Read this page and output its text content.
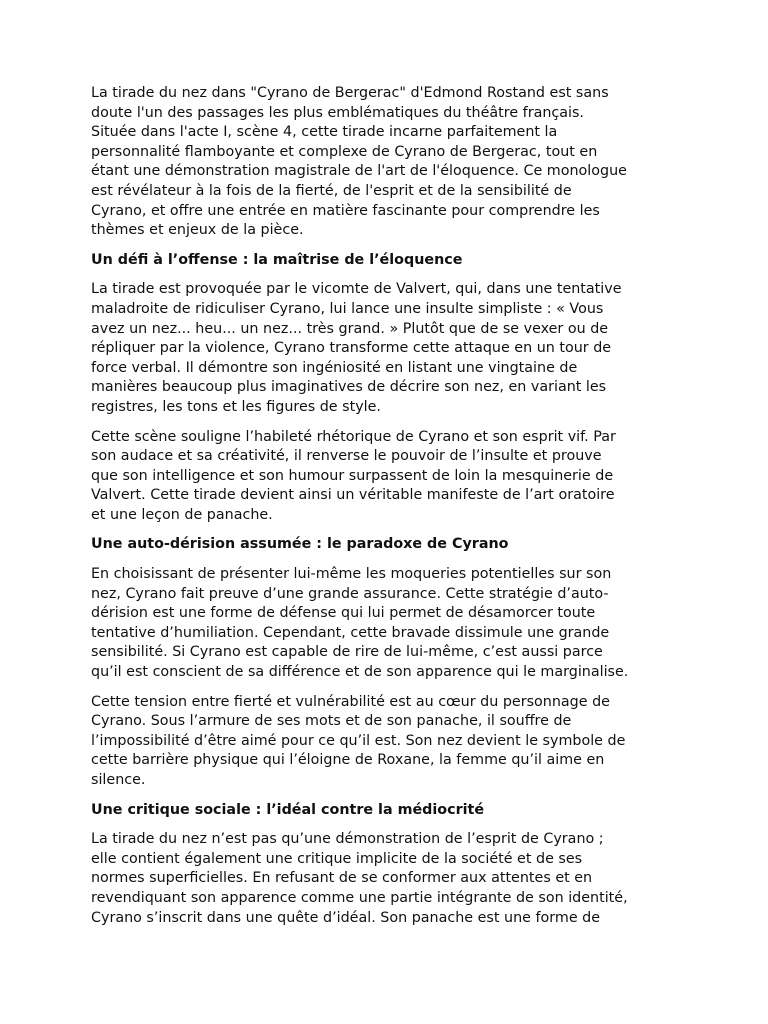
La tirade du nez dans "Cyrano de Bergerac" d'Edmond Rostand est sans
doute l'un des passages les plus emblématiques du théâtre français.
Située dans l'acte I, scène 4, cette tirade incarne parfaitement la
personnalité flamboyante et complexe de Cyrano de Bergerac, tout en
étant une démonstration magistrale de l'art de l'éloquence. Ce monologue
est révélateur à la fois de la fierté, de l'esprit et de la sensibilité de
Cyrano, et offre une entrée en matière fascinante pour comprendre les
thèmes et enjeux de la pièce.

Un défi à l’offense : la maîtrise de l’éloquence

La tirade est provoquée par le vicomte de Valvert, qui, dans une tentative
maladroite de ridiculiser Cyrano, lui lance une insulte simpliste : « Vous
avez un nez... heu... un nez... très grand. » Plutôt que de se vexer ou de
répliquer par la violence, Cyrano transforme cette attaque en un tour de
force verbal. Il démontre son ingéniosité en listant une vingtaine de
manières beaucoup plus imaginatives de décrire son nez, en variant les
registres, les tons et les figures de style.

Cette scène souligne l’habileté rhétorique de Cyrano et son esprit vif. Par
son audace et sa créativité, il renverse le pouvoir de l’insulte et prouve
que son intelligence et son humour surpassent de loin la mesquinerie de
Valvert. Cette tirade devient ainsi un véritable manifeste de l’art oratoire
et une leçon de panache.

Une auto-dérision assumée : le paradoxe de Cyrano

En choisissant de présenter lui-même les moqueries potentielles sur son
nez, Cyrano fait preuve d’une grande assurance. Cette stratégie d’auto-
dérision est une forme de défense qui lui permet de désamorcer toute
tentative d’humiliation. Cependant, cette bravade dissimule une grande
sensibilité. Si Cyrano est capable de rire de lui-même, c’est aussi parce
qu’il est conscient de sa différence et de son apparence qui le marginalise.

Cette tension entre fierté et vulnérabilité est au cœur du personnage de
Cyrano. Sous l’armure de ses mots et de son panache, il souffre de
l’impossibilité d’être aimé pour ce qu’il est. Son nez devient le symbole de
cette barrière physique qui l’éloigne de Roxane, la femme qu’il aime en
silence.

Une critique sociale : l’idéal contre la médiocrité

La tirade du nez n’est pas qu’une démonstration de l’esprit de Cyrano ;
elle contient également une critique implicite de la société et de ses
normes superficielles. En refusant de se conformer aux attentes et en
revendiquant son apparence comme une partie intégrante de son identité,
Cyrano s’inscrit dans une quête d’idéal. Son panache est une forme de
